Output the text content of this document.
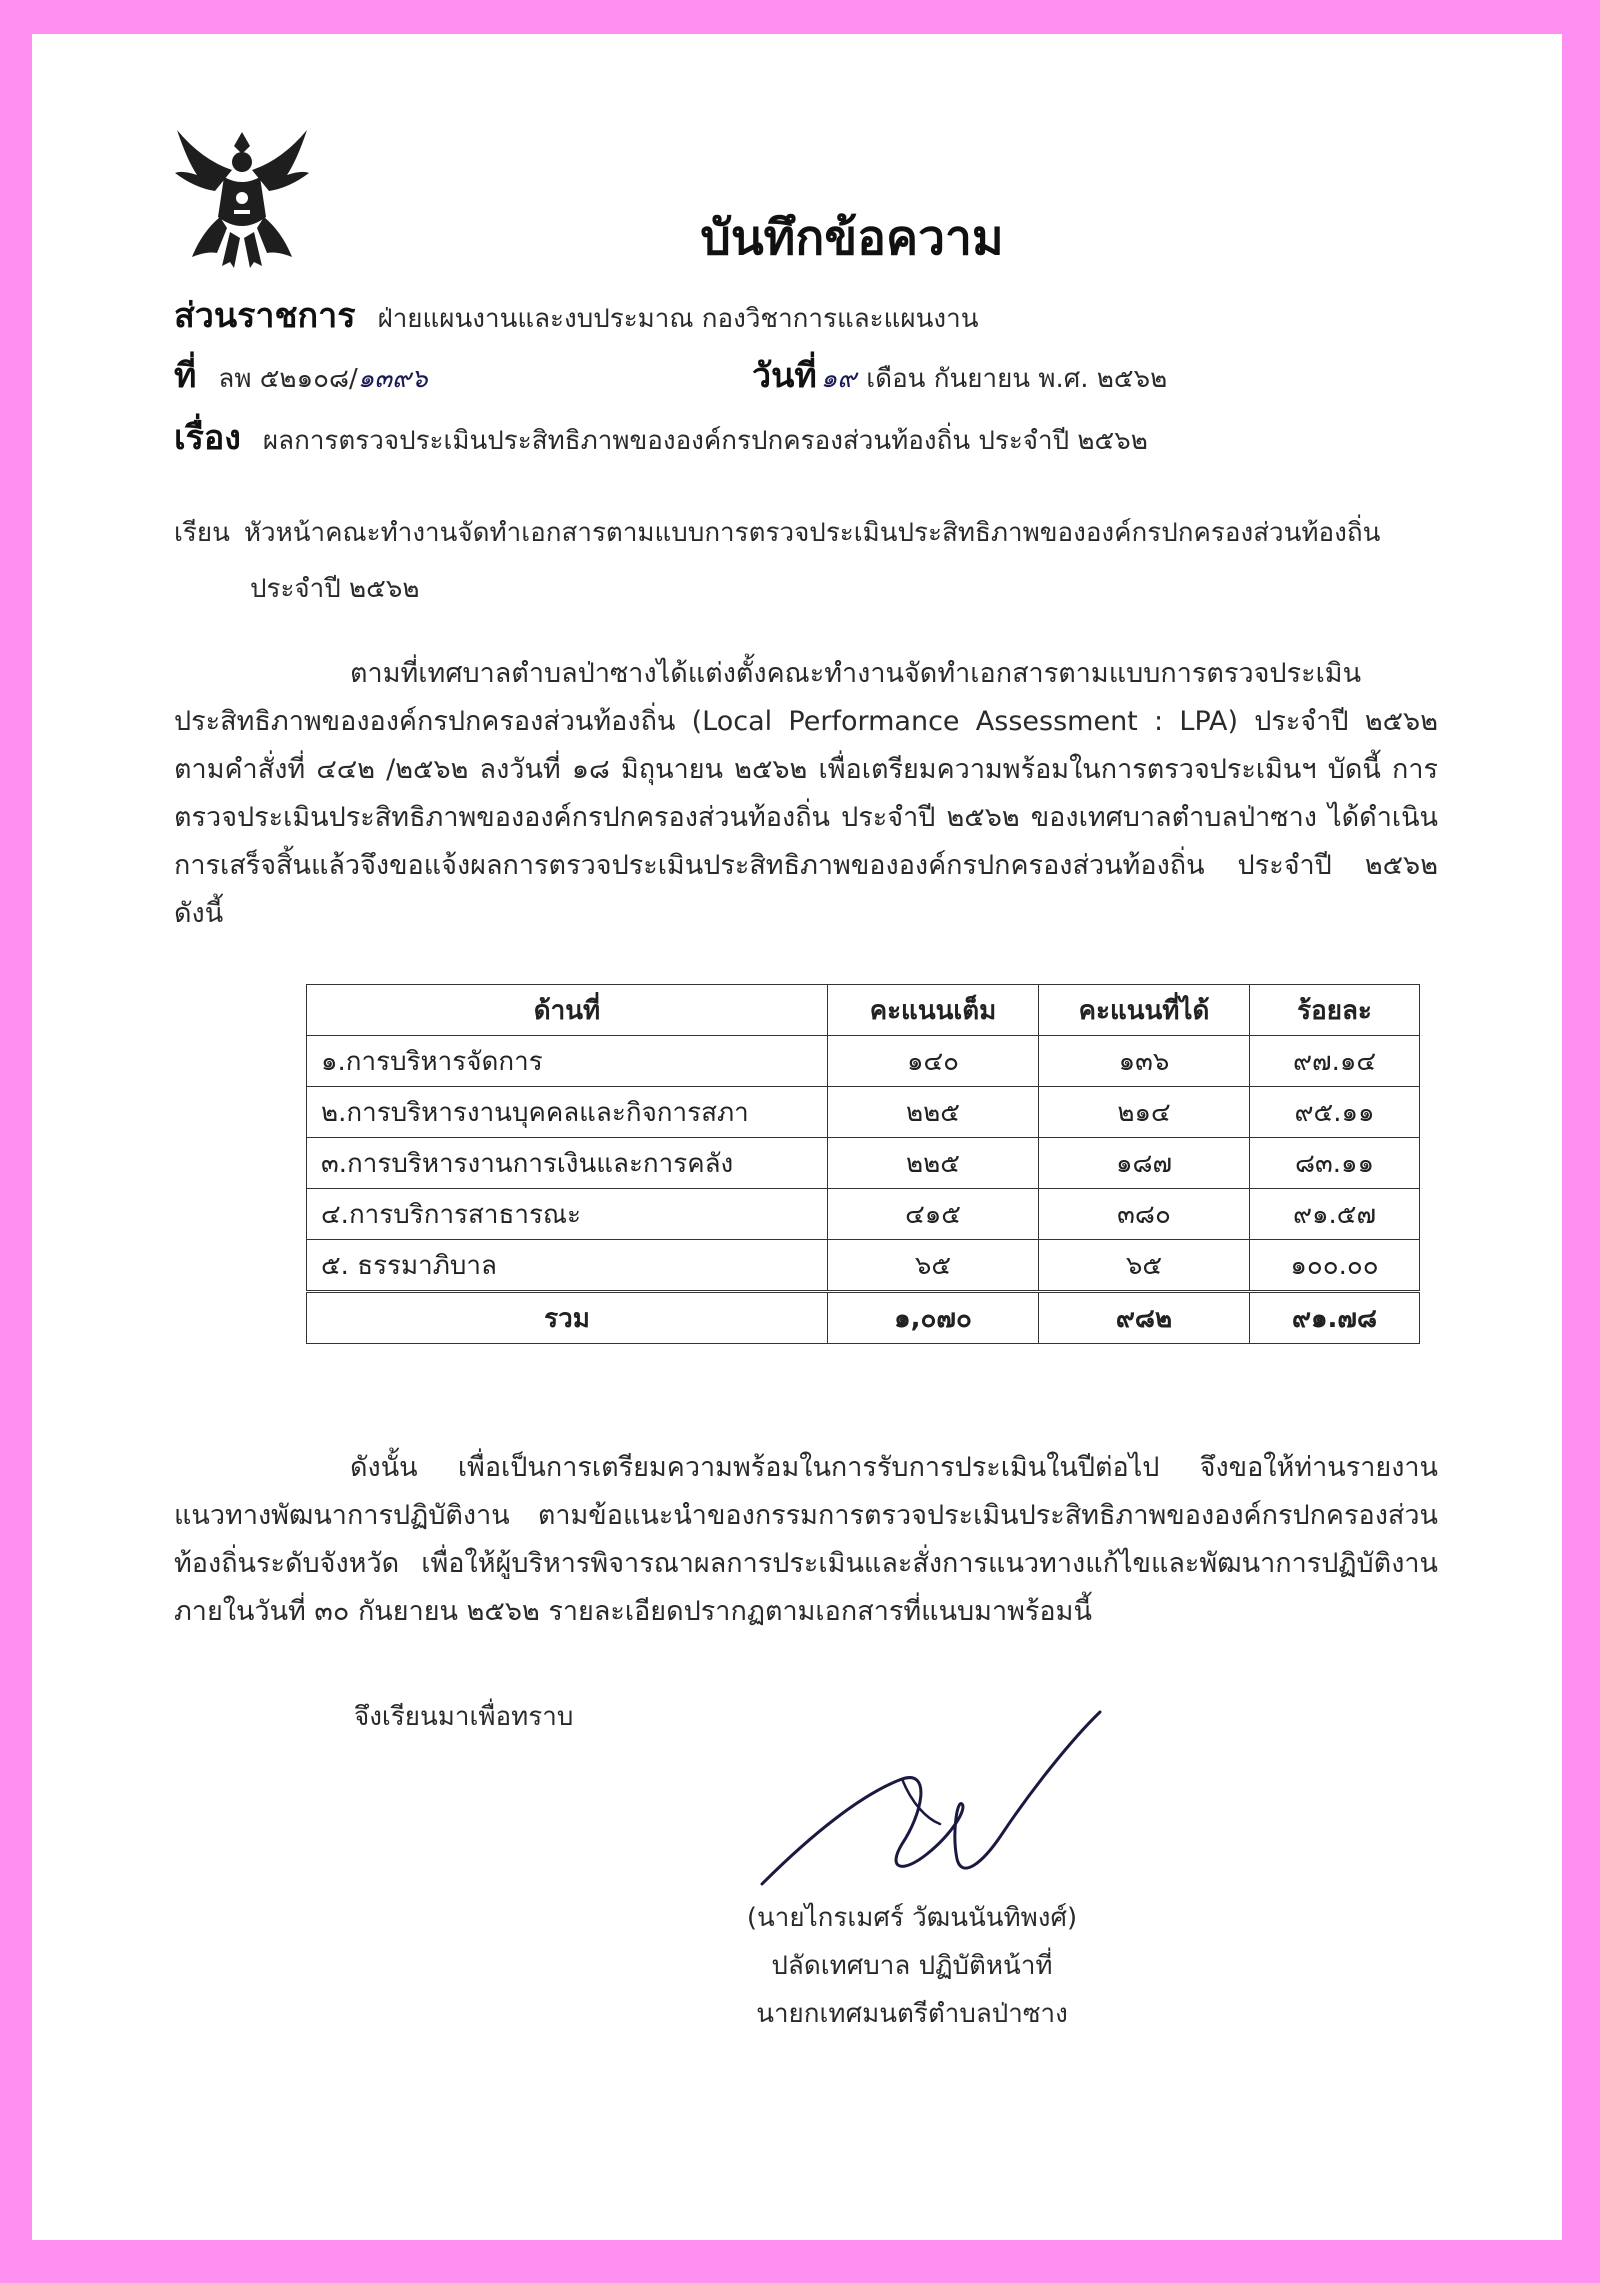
บันทึกข้อความ
ส่วนราชการ ฝ่ายแผนงานและงบประมาณ กองวิชาการและแผนงาน
ที่ ลพ ๕๒๑๐๘/๑๓๙๖	วันที่ ๑๙ เดือน กันยายน พ.ศ. ๒๕๖๒
เรื่อง ผลการตรวจประเมินประสิทธิภาพขององค์กรปกครองส่วนท้องถิ่น ประจำปี ๒๕๖๒
เรียน หัวหน้าคณะทำงานจัดทำเอกสารตามแบบการตรวจประเมินประสิทธิภาพขององค์กรปกครองส่วนท้องถิ่น
ประจำปี ๒๕๖๒
ตามที่เทศบาลตำบลป่าซางได้แต่งตั้งคณะทำงานจัดทำเอกสารตามแบบการตรวจประเมินประสิทธิภาพขององค์กรปกครองส่วนท้องถิ่น (Local Performance Assessment : LPA) ประจำปี ๒๕๖๒ ตามคำสั่งที่ ๔๔๒ /๒๕๖๒ ลงวันที่ ๑๘ มิถุนายน ๒๕๖๒ เพื่อเตรียมความพร้อมในการตรวจประเมินฯ บัดนี้ การตรวจประเมินประสิทธิภาพขององค์กรปกครองส่วนท้องถิ่น ประจำปี ๒๕๖๒ ของเทศบาลตำบลป่าซาง ได้ดำเนินการเสร็จสิ้นแล้วจึงขอแจ้งผลการตรวจประเมินประสิทธิภาพขององค์กรปกครองส่วนท้องถิ่น ประจำปี ๒๕๖๒ ดังนี้
ด้านที่	คะแนนเต็ม	คะแนนที่ได้	ร้อยละ
๑.การบริหารจัดการ	๑๔๐	๑๓๖	๙๗.๑๔
๒.การบริหารงานบุคคลและกิจการสภา	๒๒๕	๒๑๔	๙๕.๑๑
๓.การบริหารงานการเงินและการคลัง	๒๒๕	๑๘๗	๘๓.๑๑
๔.การบริการสาธารณะ	๔๑๕	๓๘๐	๙๑.๕๗
๕. ธรรมาภิบาล	๖๕	๖๕	๑๐๐.๐๐
รวม	๑,๐๗๐	๙๘๒	๙๑.๗๘
ดังนั้น เพื่อเป็นการเตรียมความพร้อมในการรับการประเมินในปีต่อไป จึงขอให้ท่านรายงานแนวทางพัฒนาการปฏิบัติงาน ตามข้อแนะนำของกรรมการตรวจประเมินประสิทธิภาพขององค์กรปกครองส่วนท้องถิ่นระดับจังหวัด เพื่อให้ผู้บริหารพิจารณาผลการประเมินและสั่งการแนวทางแก้ไขและพัฒนาการปฏิบัติงานภายในวันที่ ๓๐ กันยายน ๒๕๖๒ รายละเอียดปรากฏตามเอกสารที่แนบมาพร้อมนี้
จึงเรียนมาเพื่อทราบ
(นายไกรเมศร์ วัฒนนันทิพงศ์)
ปลัดเทศบาล ปฏิบัติหน้าที่
นายกเทศมนตรีตำบลป่าซาง
